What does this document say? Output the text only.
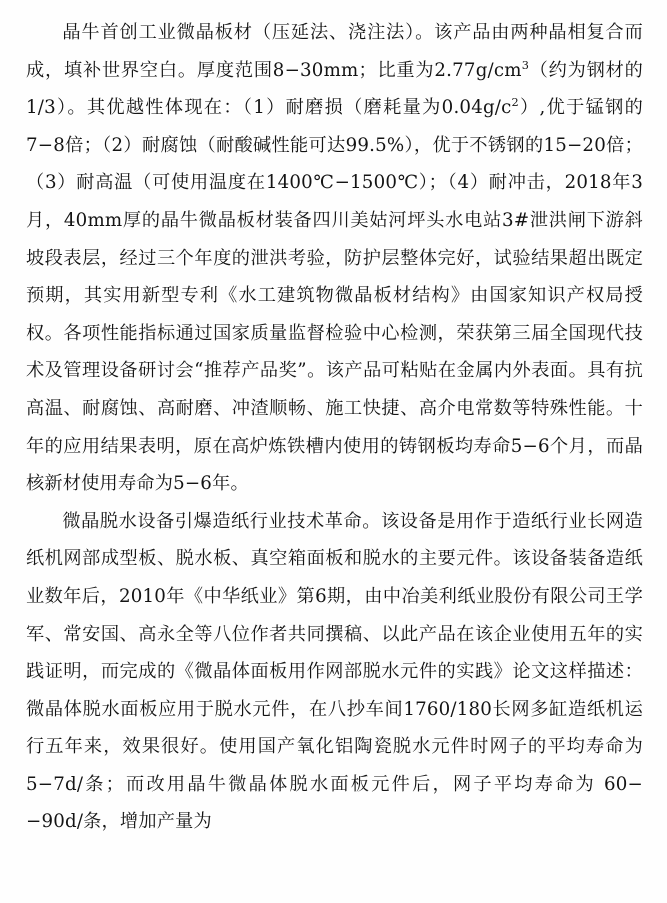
晶牛首创工业微晶板材（压延法、浇注法）。该产品由两种晶相复合而成，填补世界空白。厚度范围8−30mm；比重为$2.77g/cm^3$（约为钢材的1/3）。其优越性体现在：（1）耐磨损（磨耗量为$0.04g/c^2$）,优于锰钢的7−8倍；（2）耐腐蚀（耐酸碱性能可达99.5%），优于不锈钢的15−20倍；（3）耐高温（可使用温度在1400℃−1500℃）；（4）耐冲击，2018年3月，40mm厚的晶牛微晶板材装备四川美姑河坪头水电站3#泄洪闸下游斜坡段表层，经过三个年度的泄洪考验，防护层整体完好，试验结果超出既定预期，其实用新型专利《水工建筑物微晶板材结构》由国家知识产权局授权。各项性能指标通过国家质量监督检验中心检测，荣获第三届全国现代技术及管理设备研讨会“推荐产品奖”。该产品可粘贴在金属内外表面。具有抗高温、耐腐蚀、高耐磨、冲渣顺畅、施工快捷、高介电常数等特殊性能。十年的应用结果表明，原在高炉炼铁槽内使用的铸钢板均寿命5−6个月，而晶核新材使用寿命为5−6年。

微晶脱水设备引爆造纸行业技术革命。该设备是用作于造纸行业长网造纸机网部成型板、脱水板、真空箱面板和脱水的主要元件。该设备装备造纸业数年后，2010年《中华纸业》第6期，由中冶美利纸业股份有限公司王学军、常安国、高永全等八位作者共同撰稿、以此产品在该企业使用五年的实践证明，而完成的《微晶体面板用作网部脱水元件的实践》论文这样描述：微晶体脱水面板应用于脱水元件，在八抄车间1760/180长网多缸造纸机运行五年来，效果很好。使用国产氧化铝陶瓷脱水元件时网子的平均寿命为5−7d/条；而改用晶牛微晶体脱水面板元件后，网子平均寿命为 60−−90d/条，增加产量为
